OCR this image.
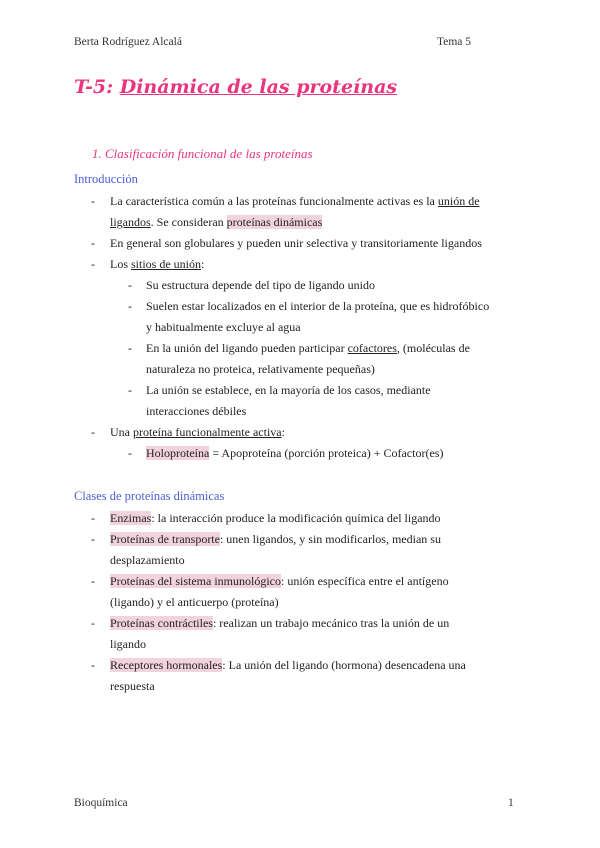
Berta Rodríguez Alcalá	Tema 5
T-5: Dinámica de las proteínas
1. Clasificación funcional de las proteínas
Introducción
- La característica común a las proteínas funcionalmente activas es la unión de
ligandos. Se consideran proteínas dinámicas
- En general son globulares y pueden unir selectiva y transitoriamente ligandos
- Los sitios de unión:
- Su estructura depende del tipo de ligando unido
- Suelen estar localizados en el interior de la proteína, que es hidrofóbico
y habitualmente excluye al agua
- En la unión del ligando pueden participar cofactores, (moléculas de
naturaleza no proteica, relativamente pequeñas)
- La unión se establece, en la mayoría de los casos, mediante
interacciones débiles
- Una proteína funcionalmente activa:
- Holoproteína = Apoproteína (porción proteica) + Cofactor(es)
Clases de proteínas dinámicas
- Enzimas: la interacción produce la modificación química del ligando
- Proteínas de transporte: unen ligandos, y sin modificarlos, median su
desplazamiento
- Proteínas del sistema inmunológico: unión específica entre el antígeno
(ligando) y el anticuerpo (proteína)
- Proteínas contráctiles: realizan un trabajo mecánico tras la unión de un
ligando
- Receptores hormonales: La unión del ligando (hormona) desencadena una
respuesta
Bioquímica	1
